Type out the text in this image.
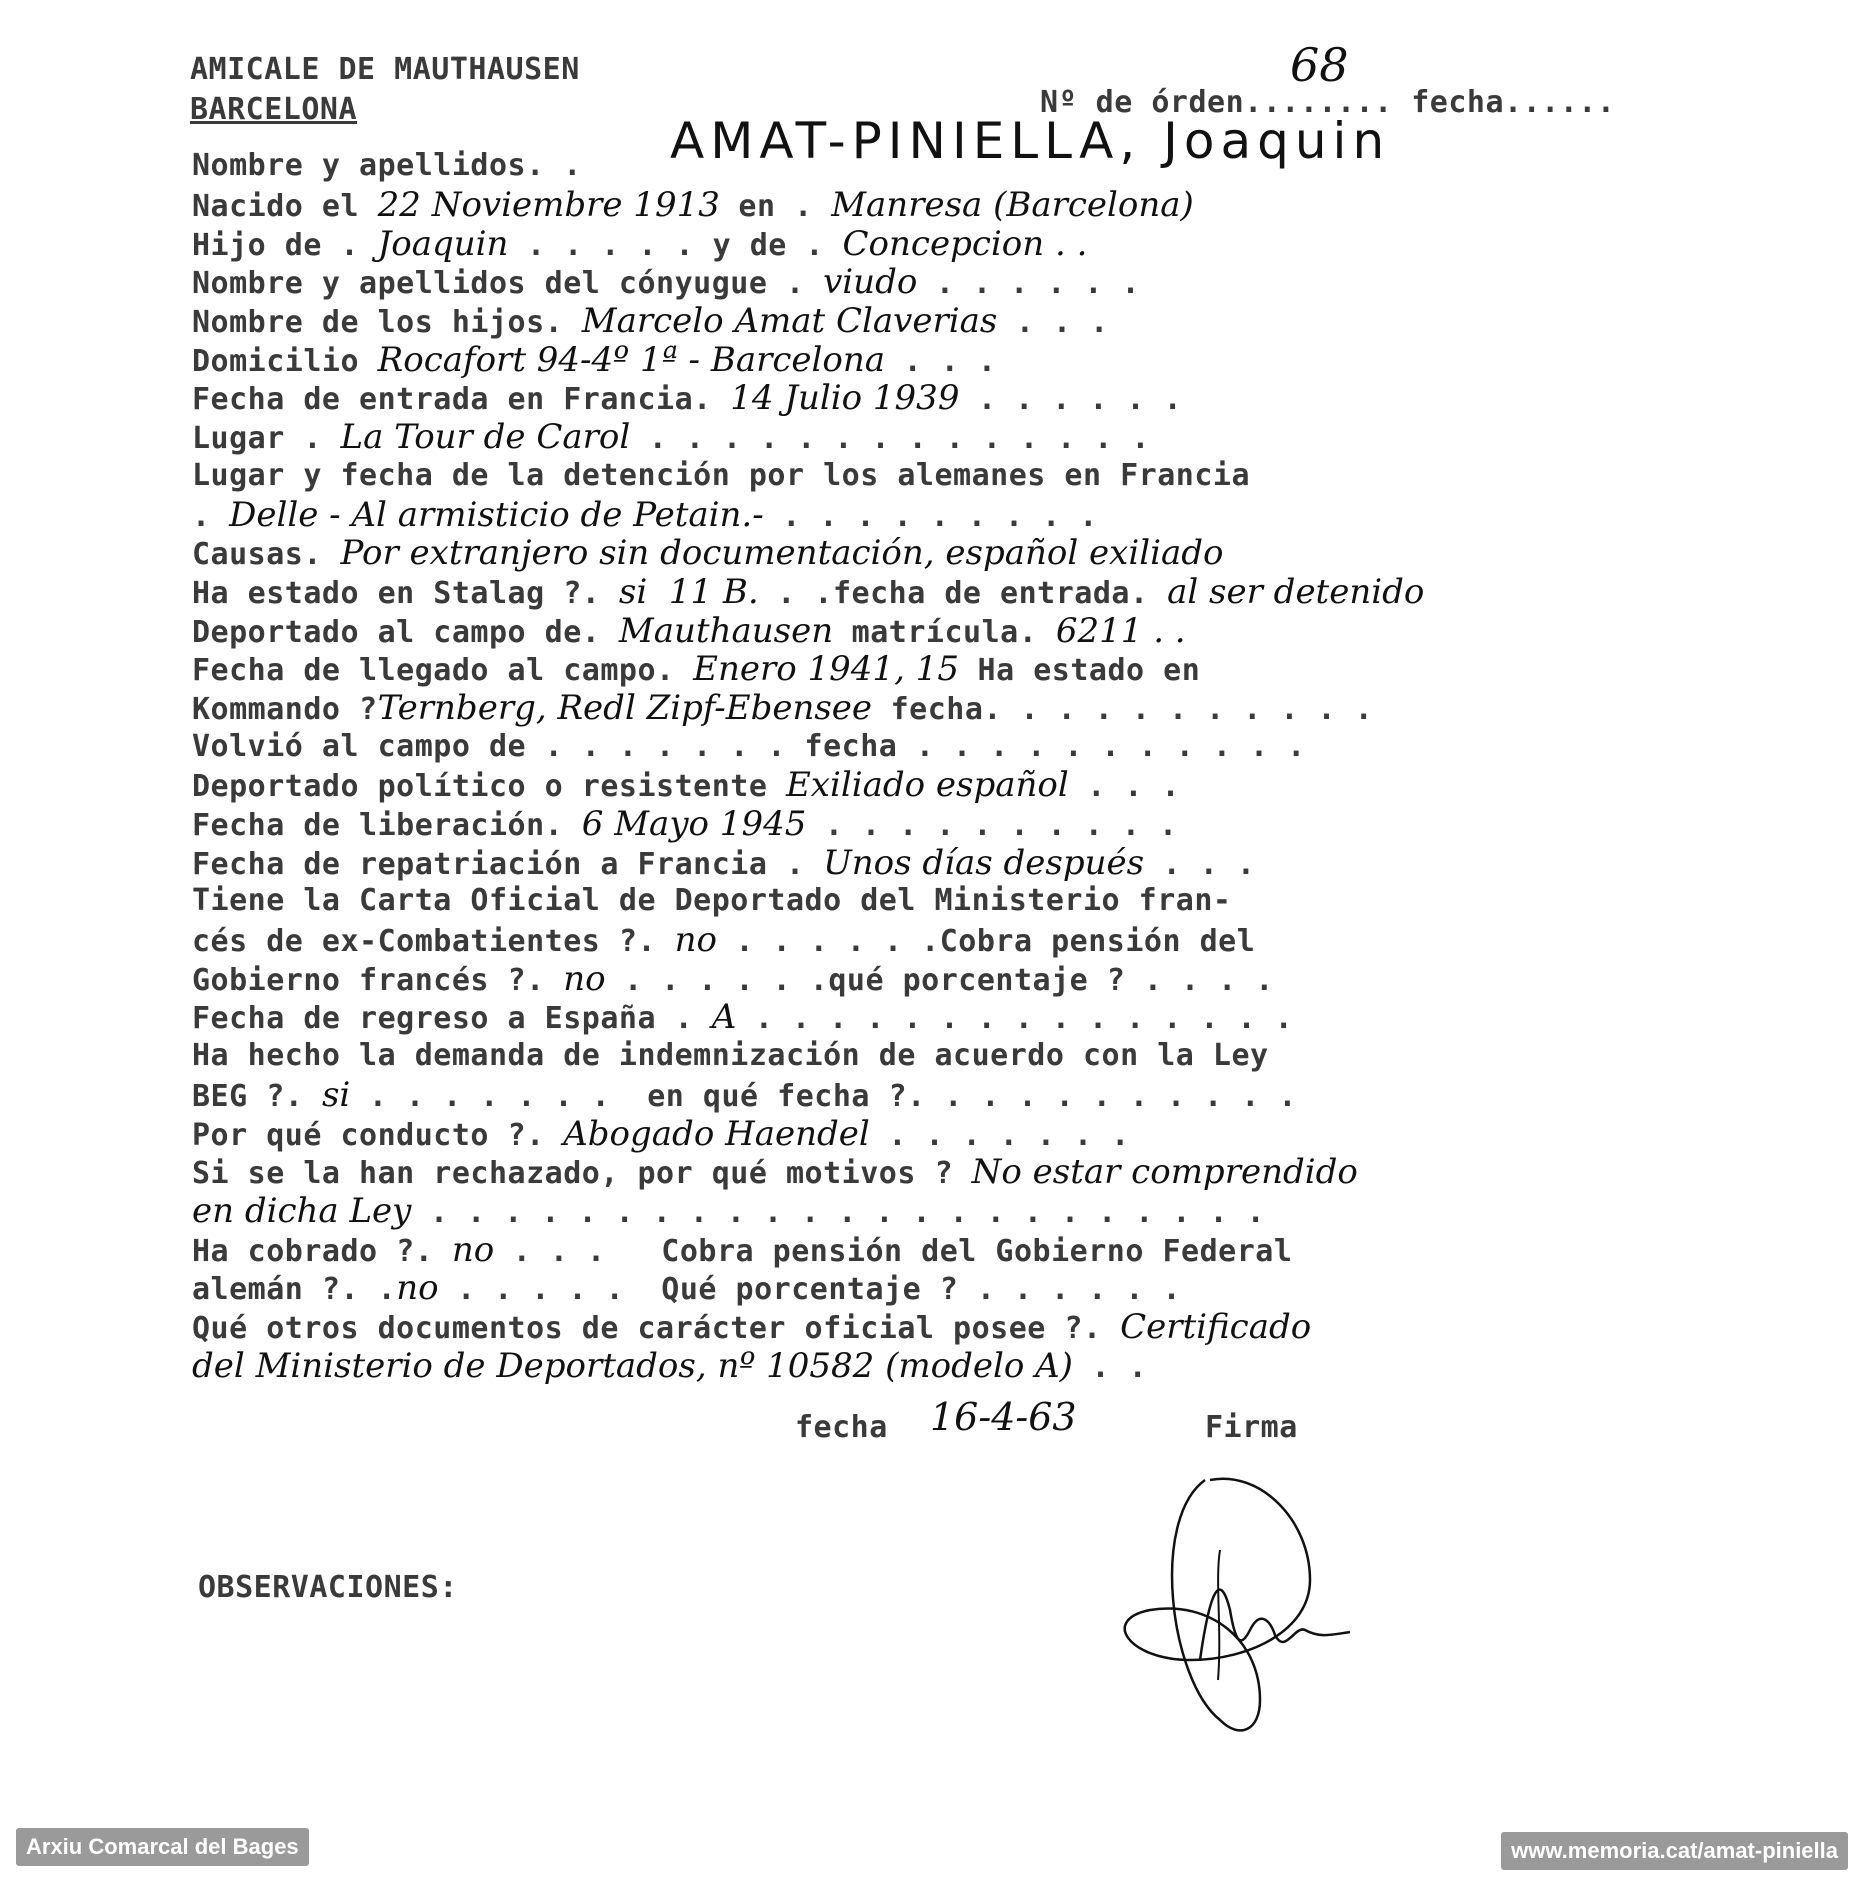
AMICALE DE MAUTHAUSEN
BARCELONA	Nº de órden........ fecha......
68
Nombre y apellidos. . AMAT-PINIELLA, Joaquin
Nacido el 22 Noviembre 1913 en . Manresa (Barcelona)
Hijo de . Joaquin . . . . . y de . Concepcion . .
Nombre y apellidos del cónyugue . viudo . . . . . .
Nombre de los hijos. Marcelo Amat Claverias . . .
Domicilio Rocafort 94-4º 1ª - Barcelona . . .
Fecha de entrada en Francia. 14 Julio 1939 . . . . . .
Lugar . La Tour de Carol . . . . . . . . . . . . . .
Lugar y fecha de la detención por los alemanes en Francia
. Delle - Al armisticio de Petain.- . . . . . . . . .
Causas. Por extranjero sin documentación, español exiliado
Ha estado en Stalag ?. si  11 B. . .fecha de entrada. al ser detenido
Deportado al campo de. Mauthausen matrícula. 6211 . .
Fecha de llegado al campo. Enero 1941, 15 Ha estado en
Kommando ?Ternberg, Redl Zipf-Ebensee fecha. . . . . . . . . . .
Volvió al campo de . . . . . . . fecha . . . . . . . . . . .
Deportado político o resistente Exiliado español . . .
Fecha de liberación. 6 Mayo 1945 . . . . . . . . . .
Fecha de repatriación a Francia . Unos días después . . .
Tiene la Carta Oficial de Deportado del Ministerio fran-
cés de ex-Combatientes ?. no . . . . . .Cobra pensión del
Gobierno francés ?. no . . . . . .qué porcentaje ? . . . .
Fecha de regreso a España . A . . . . . . . . . . . . . . .
Ha hecho la demanda de indemnización de acuerdo con la Ley
BEG ?. si . . . . . . .  en qué fecha ?. . . . . . . . . . .
Por qué conducto ?. Abogado Haendel . . . . . . .
Si se la han rechazado, por qué motivos ? No estar comprendido
en dicha Ley . . . . . . . . . . . . . . . . . . . . . . .
Ha cobrado ?. no . . .   Cobra pensión del Gobierno Federal
alemán ?. .no . . . . .  Qué porcentaje ? . . . . . .
Qué otros documentos de carácter oficial posee ?. Certificado
del Ministerio de Deportados, nº 10582 (modelo A) . .
fecha 16-4-63	Firma
OBSERVACIONES:
Arxiu Comarcal del Bages	www.memoria.cat/amat-piniella
